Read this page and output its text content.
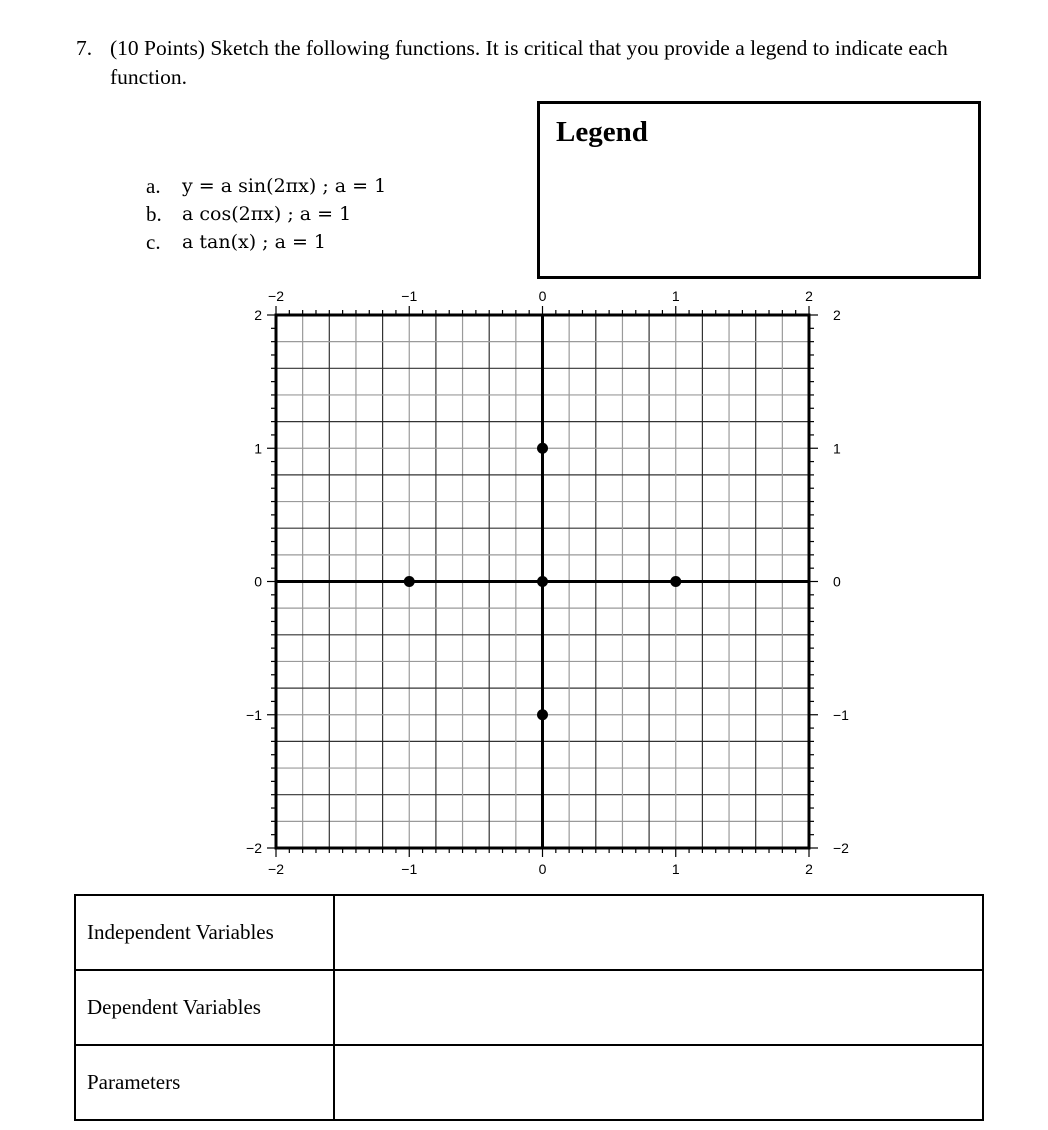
7. (10 Points) Sketch the following functions. It is critical that you provide a legend to indicate each function.
a.	y = a sin(2πx) ; a = 1
b.	a cos(2πx) ; a = 1
c.	a tan(x) ; a = 1
Legend
−2
−2
−1
−1
0
0
1
1
2
2
2	2
1	1
0	0
−1	−1
−2	−2
Independent Variables	
Dependent Variables	
Parameters	
